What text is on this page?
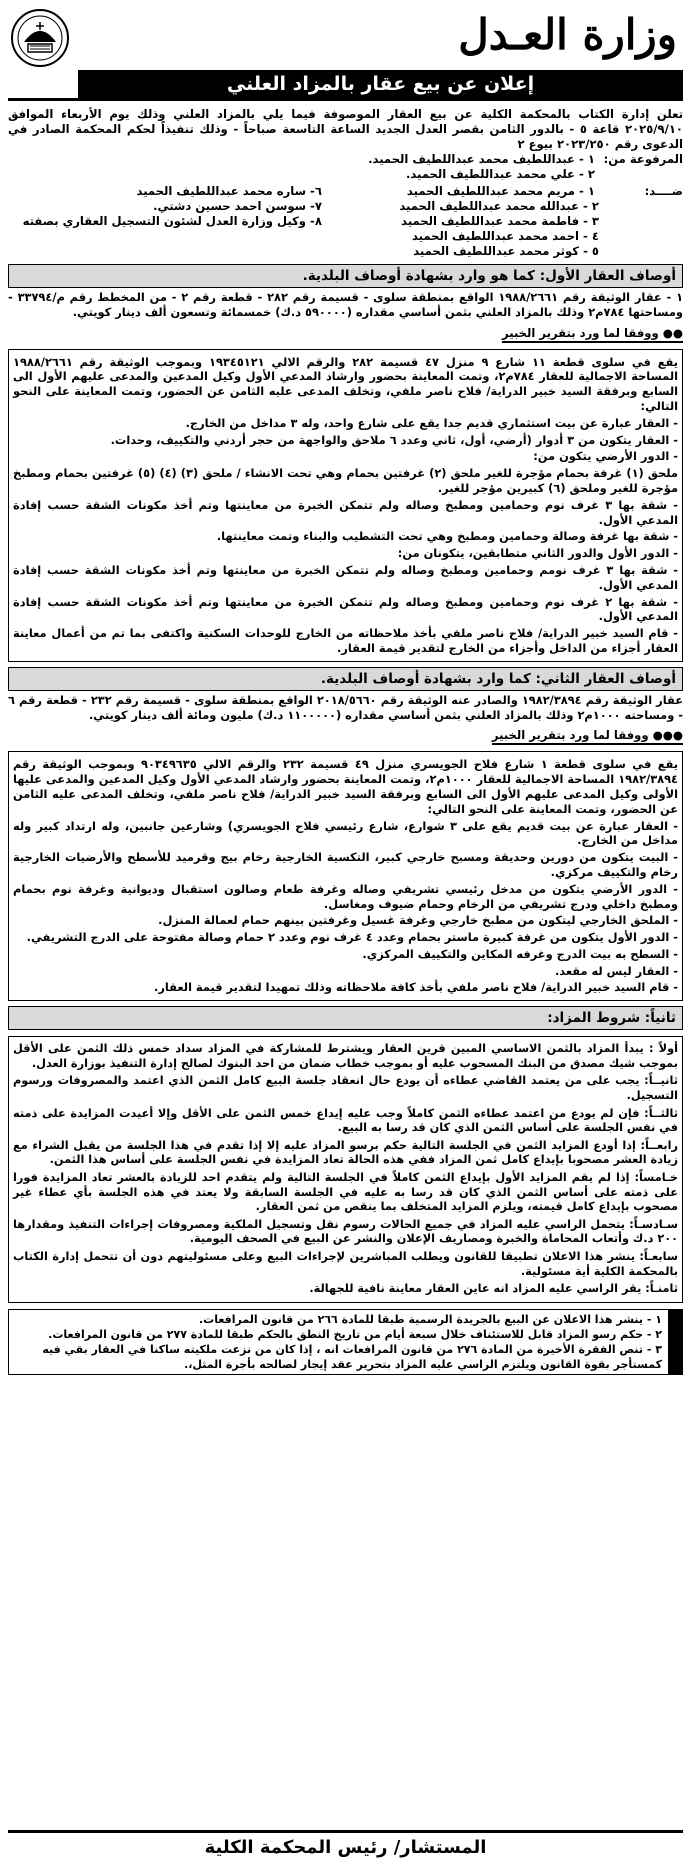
وزارة العـدل
إعلان عن بيع عقار بالمزاد العلني
تعلن إدارة الكتاب بالمحكمة الكلية عن بيع العقار الموصوفة فيما يلي بالمزاد العلني وذلك يوم الأربعاء الموافق ٢٠٢٥/٩/١٠ قاعة ٥ - بالدور الثامن بقصر العدل الجديد الساعة التاسعة صباحاً - وذلك تنفيذاً لحكم المحكمة الصادر في الدعوى رقم ٢٠٢٣/٢٥٠ بيوع ٢
المرفوعة من: ١ - عبداللطيف محمد عبداللطيف الحميد.
٢ - علي محمد عبداللطيف الحميد.
ضــــد: ١ - مريم محمد عبداللطيف الحميد
٢ - عبدالله محمد عبداللطيف الحميد
٣ - فاطمة محمد عبداللطيف الحميد
٤ - احمد محمد عبداللطيف الحميد
٥ - كوثر محمد عبداللطيف الحميد
٦- ساره محمد عبداللطيف الحميد
٧- سوسن احمد حسين دشتي.
٨- وكيل وزارة العدل لشئون التسجيل العقاري بصفته
أوصاف العقار الأول: كما هو وارد بشهادة أوصاف البلدية.
١ - عقار الوثيقة رقم ١٩٨٨/٢٦٦١ الواقع بمنطقة سلوى - قسيمة رقم ٢٨٢ - قطعة رقم ٢ - من المخطط رقم م/٣٣٧٩٤ - ومساحتها ٧٨٤م٢ وذلك بالمزاد العلني بثمن أساسي مقداره (٥٩٠٠٠٠ د.ك) خمسمائة وتسعون ألف دينار كويتي.
●● ووفقا لما ورد بتقرير الخبير
يقع في سلوى قطعة ١١ شارع ٩ منزل ٤٧ قسيمة ٢٨٢ والرقم الالي ١٩٣٤٥١٢١ وبموجب الوثيقة رقم ١٩٨٨/٢٦٦١ المساحة الاجمالية للعقار ٧٨٤م٢، وتمت المعاينة بحضور وارشاد المدعي الأول وكيل المدعين والمدعى عليهم الأول الى السابع وبرفقة السيد خبير الدراية/ فلاح ناصر ملفي، وتخلف المدعى عليه الثامن عن الحضور، وتمت المعاينة على النحو التالي:
- العقار عبارة عن بيت استثماري قديم جدا يقع على شارع واحد، وله ٣ مداخل من الخارج.
- العقار يتكون من ٣ أدوار (أرضي، أول، ثاني وعدد ٦ ملاحق والواجهة من حجر أردني والتكييف، وحدات.
- الدور الأرضي يتكون من:
ملحق (١) غرفة بحمام مؤجرة للغير ملحق (٢) غرفتين بحمام وهي تحت الانشاء / ملحق (٣) (٤) (٥) غرفتين بحمام ومطبخ مؤجرة للغير وملحق (٦) كبيرين مؤجر للغير.
- شقة بها ٣ غرف نوم وحمامين ومطبخ وصاله ولم تتمكن الخبرة من معاينتها وتم أخذ مكونات الشقة حسب إفادة المدعي الأول.
- شقة بها غرفة وصالة وحمامين ومطبخ وهي تحت التشطيب والبناء وتمت معاينتها.
- الدور الأول والدور الثاني متطابقين، يتكونان من:
- شقة بها ٣ غرف نومم وحمامين ومطبخ وصاله ولم تتمكن الخبرة من معاينتها وتم أخذ مكونات الشقة حسب إفادة المدعي الأول.
- شقة بها ٢ غرف نوم وحمامين ومطبخ وصاله ولم تتمكن الخبرة من معاينتها وتم أخذ مكونات الشقة حسب إفادة المدعي الأول.
- قام السيد خبير الدراية/ فلاح ناصر ملفي بأخذ ملاحظاته من الخارج للوحدات السكنية واكتفى بما تم من أعمال معاينة العقار أجزاء من الداخل وأجزاء من الخارج لتقدير قيمة العقار.
أوصاف العقار الثاني: كما وارد بشهادة أوصاف البلدية.
عقار الوثيقة رقم ١٩٨٢/٣٨٩٤ والصادر عنه الوثيقة رقم ٢٠١٨/٥٦٦٠ الواقع بمنطقة سلوى - قسيمة رقم ٢٣٢ - قطعة رقم ٦ - ومساحته ١٠٠٠م٢ وذلك بالمزاد العلني بثمن أساسي مقداره (١١٠٠٠٠٠ د.ك) مليون ومائة ألف دينار كويتي.
●●● ووفقا لما ورد بتقرير الخبير
يقع في سلوى قطعة ١ شارع فلاح الجويسري منزل ٤٩ قسيمة ٢٣٢ والرقم الالي ٩٠٣٤٩٦٣٥ وبموجب الوثيقة رقم ١٩٨٢/٣٨٩٤ المساحة الاجمالية للعقار ١٠٠٠م٢، وتمت المعاينة بحضور وارشاد المدعي الأول وكيل المدعين والمدعى عليها الأولى وكيل المدعى عليهم الأول الى السابع وبرفقة السيد خبير الدراية/ فلاح ناصر ملفي، وتخلف المدعى عليه الثامن عن الحضور، وتمت المعاينة على النحو التالي:
- العقار عبارة عن بيت قديم يقع على ٣ شوارع، شارع رئيسي فلاح الجويسري) وشارعين جانبين، وله ارتداد كبير وله مداخل من الخارج.
- البيت يتكون من دورين وحديقة ومسبح خارجي كبير، التكسية الخارجية رخام بيج وقرميد للأسطح والأرضيات الخارجية رخام والتكييف مركزي.
- الدور الأرضي يتكون من مدخل رئيسي تشريفي وصاله وغرفة طعام وصالون استقبال وديوانية وغرفة نوم بحمام ومطبخ داخلي ودرج تشريفي من الرخام وحمام ضيوف ومغاسل.
- الملحق الخارجي ليتكون من مطبخ خارجي وغرفة غسيل وغرفتين بينهم حمام لعمالة المنزل.
- الدور الأول يتكون من غرفة كبيرة ماستر بحمام وعدد ٤ غرف نوم وعدد ٢ حمام وصالة مفتوحة على الدرج التشريفي.
- السطح به بيت الدرج وغرفه المكاين والتكييف المركزي.
- العقار ليس له مقعد.
- قام السيد خبير الدراية/ فلاح ناصر ملفي بأخذ كافة ملاحظاته وذلك تمهيدا لتقدير قيمة العقار.
ثانياً: شروط المزاد:
أولاً : يبدأ المزاد بالثمن الاساسي المبين قرين العقار ويشترط للمشاركة في المزاد سداد خمس ذلك الثمن على الأقل بموجب شيك مصدق من البنك المسحوب عليه أو بموجب خطاب ضمان من احد البنوك لصالح إدارة التنفيذ بوزارة العدل.
ثانيــاً: يجب على من يعتمد القاضي عطاءه أن يودع حال انعقاد جلسة البيع كامل الثمن الذي اعتمد والمصروفات ورسوم التسجيل.
ثالثــاً: فإن لم يودع من اعتمد عطاءه الثمن كاملاً وجب عليه إيداع خمس الثمن على الأقل وإلا أعيدت المزايدة على ذمته في نفس الجلسة على أساس الثمن الذي كان قد رسا به البيع.
رابعــاً: إذا أودع المزايد الثمن في الجلسة التالية حكم برسو المزاد عليه إلا إذا تقدم في هذا الجلسة من يقبل الشراء مع زيادة العشر مصحوبا بإيداع كامل ثمن المزاد ففي هذه الحالة تعاد المزايدة في نفس الجلسة على أساس هذا الثمن.
خـامساً: إذا لم يقم المزايد الأول بإيداع الثمن كاملاً في الجلسة التالية ولم يتقدم احد للزيادة بالعشر تعاد المزايدة فورا على ذمته على أساس الثمن الذي كان قد رسا به عليه في الجلسة السابقة ولا يعتد في هذه الجلسة بأي عطاء غير مصحوب بإيداع كامل قيمته، ويلزم المزايد المتخلف بما ينقص من ثمن العقار.
سـادسـاً: يتحمل الراسي عليه المزاد في جميع الحالات رسوم نقل وتسجيل الملكية ومصروفات إجراءات التنفيذ ومقدارها ٢٠٠ د.ك وأتعاب المحاماة والخبرة ومصاريف الإعلان والنشر عن البيع في الصحف اليومية.
سابعـاً: ينشر هذا الاعلان تطبيقا للقانون ويطلب المباشرين لإجراءات البيع وعلى مسئوليتهم دون أن تتحمل إدارة الكتاب بالمحكمة الكلية أية مسئولية.
ثامنـاً: يقر الراسي عليه المزاد انه عاين العقار معاينة نافية للجهالة.
١ - ينشر هذا الاعلان عن البيع بالجريدة الرسمية طبقا للمادة ٢٦٦ من قانون المرافعات.
٢ - حكم رسو المزاد قابل للاستئناف خلال سبعة أيام من تاريخ النطق بالحكم طبقا للمادة ٢٧٧ من قانون المرافعات.
٣ - تنص الفقرة الأخيرة من المادة ٢٧٦ من قانون المرافعات انه ، إذا كان من نزعت ملكيته ساكنا في العقار بقي فيه كمستأجر بقوة القانون ويلتزم الراسي عليه المزاد بتحرير عقد إيجار لصالحه بأجرة المثل،.
المستشار/ رئيس المحكمة الكلية
